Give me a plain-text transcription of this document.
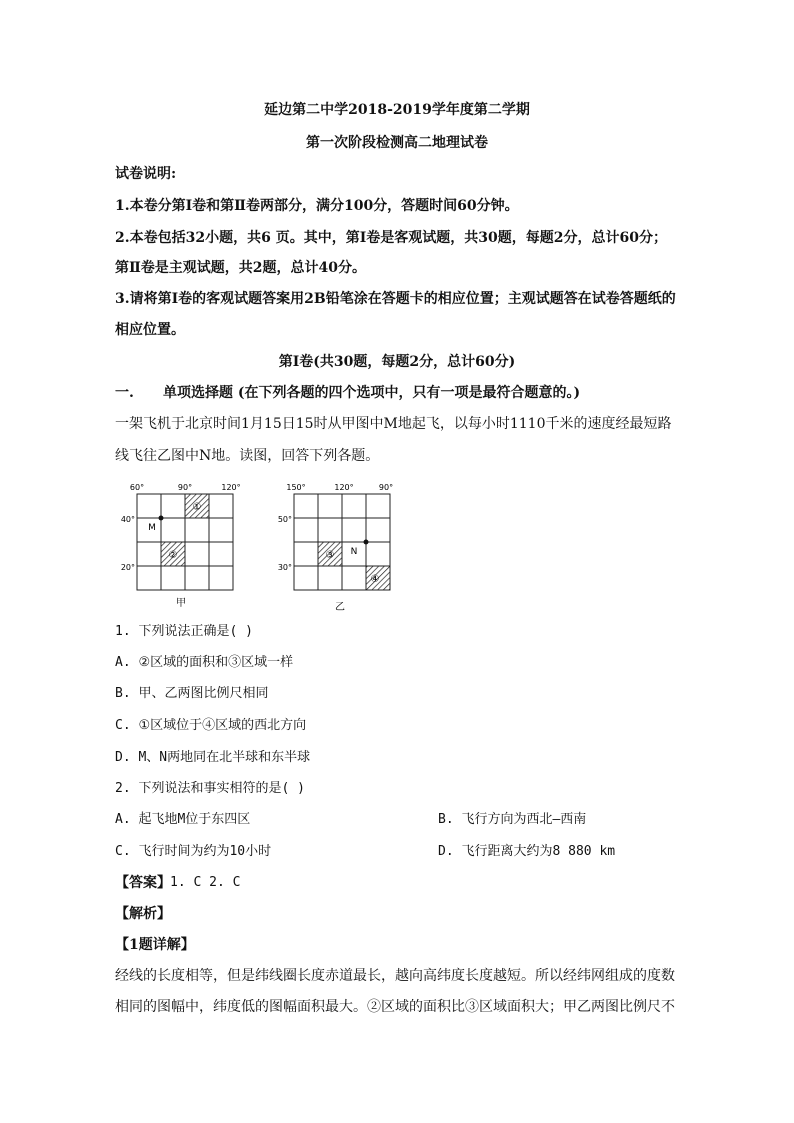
延边第二中学2018-2019学年度第二学期
第一次阶段检测高二地理试卷
试卷说明:
1.本卷分第Ⅰ卷和第Ⅱ卷两部分，满分100分，答题时间60分钟。
2.本卷包括32小题，共6 页。其中，第Ⅰ卷是客观试题，共30题，每题2分，总计60分；
第Ⅱ卷是主观试题，共2题，总计40分。
3.请将第Ⅰ卷的客观试题答案用2B铅笔涂在答题卡的相应位置；主观试题答在试卷答题纸的
相应位置。
第Ⅰ卷(共30题，每题2分，总计60分)
一. 单项选择题 (在下列各题的四个选项中，只有一项是最符合题意的。)
一架飞机于北京时间1月15日15时从甲图中M地起飞，以每小时1110千米的速度经最短路
线飞往乙图中N地。读图，回答下列各题。
①
②
M
60°	90°	120°
40°
20°
甲
③
④
N
150°	120°	90°
50°
30°
乙
1. 下列说法正确是( )
A. ②区域的面积和③区域一样
B. 甲、乙两图比例尺相同
C. ①区域位于④区域的西北方向
D. M、N两地同在北半球和东半球
2. 下列说法和事实相符的是( )
A. 起飞地M位于东四区	B. 飞行方向为西北—西南
C. 飞行时间为约为10小时	D. 飞行距离大约为8 880 km
【答案】 1. C 2. C
【解析】
【1题详解】
经线的长度相等，但是纬线圈长度赤道最长，越向高纬度长度越短。所以经纬网组成的度数
相同的图幅中，纬度低的图幅面积最大。②区域的面积比③区域面积大；甲乙两图比例尺不
